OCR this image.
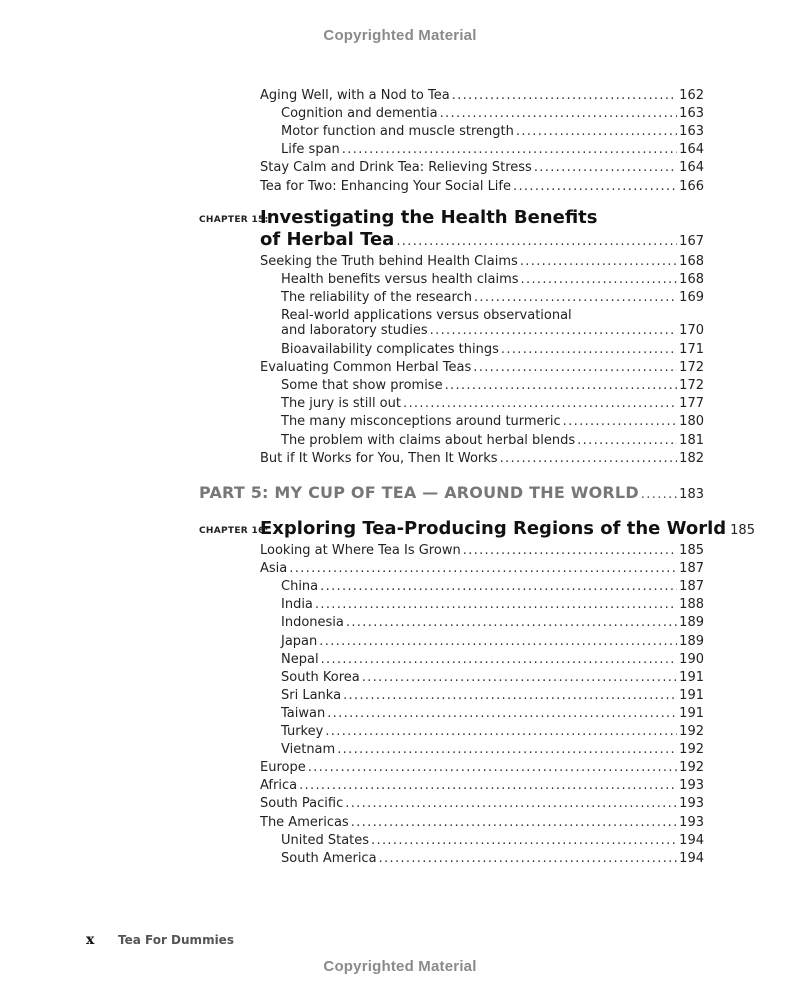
Copyrighted Material
Aging Well, with a Nod to Tea . . .	162
Cognition and dementia . . .	163
Motor function and muscle strength . . .	163
Life span . . .	164
Stay Calm and Drink Tea: Relieving Stress . . .	164
Tea for Two: Enhancing Your Social Life . . .	166
CHAPTER 15:
Investigating the Health Benefits
of Herbal Tea . . .	167
Seeking the Truth behind Health Claims . . .	168
Health benefits versus health claims . . .	168
The reliability of the research . . .	169
Real-world applications versus observational
and laboratory studies . . .	170
Bioavailability complicates things . . .	171
Evaluating Common Herbal Teas . . .	172
Some that show promise . . .	172
The jury is still out . . .	177
The many misconceptions around turmeric . . .	180
The problem with claims about herbal blends . . .	181
But if It Works for You, Then It Works . . .	182
PART 5: MY CUP OF TEA — AROUND THE WORLD . . .	183
CHAPTER 16:
Exploring Tea-Producing Regions of the World 185
Looking at Where Tea Is Grown . . .	185
Asia . . .	187
China . . .	187
India . . .	188
Indonesia . . .	189
Japan . . .	189
Nepal . . .	190
South Korea . . .	191
Sri Lanka . . .	191
Taiwan . . .	191
Turkey . . .	192
Vietnam . . .	192
Europe . . .	192
Africa . . .	193
South Pacific . . .	193
The Americas . . .	193
United States . . .	194
South America . . .	194
x Tea For Dummies
Copyrighted Material
